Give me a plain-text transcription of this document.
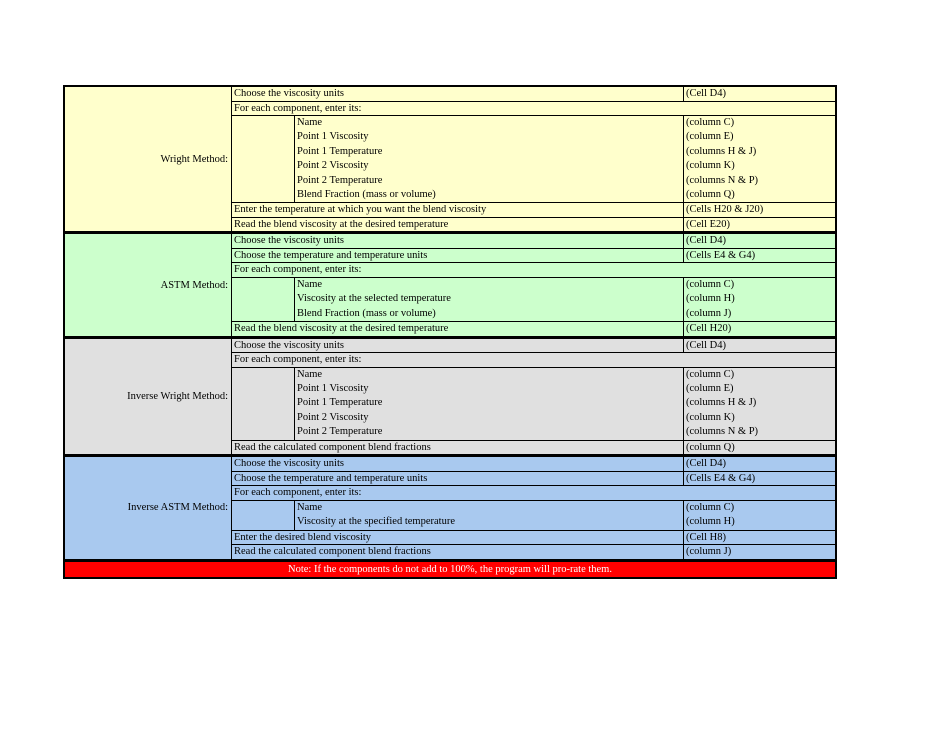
Wright Method:
Choose the viscosity units	(Cell D4)
For each component, enter its:
Name	(column C)
Point 1 Viscosity	(column E)
Point 1 Temperature	(columns H & J)
Point 2 Viscosity	(column K)
Point 2 Temperature	(columns N & P)
Blend Fraction (mass or volume)	(column Q)
Enter the temperature at which you want the blend viscosity	(Cells H20 & J20)
Read the blend viscosity at the desired temperature	(Cell E20)
ASTM Method:
Choose the viscosity units	(Cell D4)
Choose the temperature and temperature units	(Cells E4 & G4)
For each component, enter its:
Name	(column C)
Viscosity at the selected temperature	(column H)
Blend Fraction (mass or volume)	(column J)
Read the blend viscosity at the desired temperature	(Cell H20)
Inverse Wright Method:
Choose the viscosity units	(Cell D4)
For each component, enter its:
Name	(column C)
Point 1 Viscosity	(column E)
Point 1 Temperature	(columns H & J)
Point 2 Viscosity	(column K)
Point 2 Temperature	(columns N & P)
Read the calculated component blend fractions	(column Q)
Inverse ASTM Method:
Choose the viscosity units	(Cell D4)
Choose the temperature and temperature units	(Cells E4 & G4)
For each component, enter its:
Name	(column C)
Viscosity at the specified temperature	(column H)
Enter the desired blend viscosity	(Cell H8)
Read the calculated component blend fractions	(column J)
Note: If the components do not add to 100%, the program will pro-rate them.
